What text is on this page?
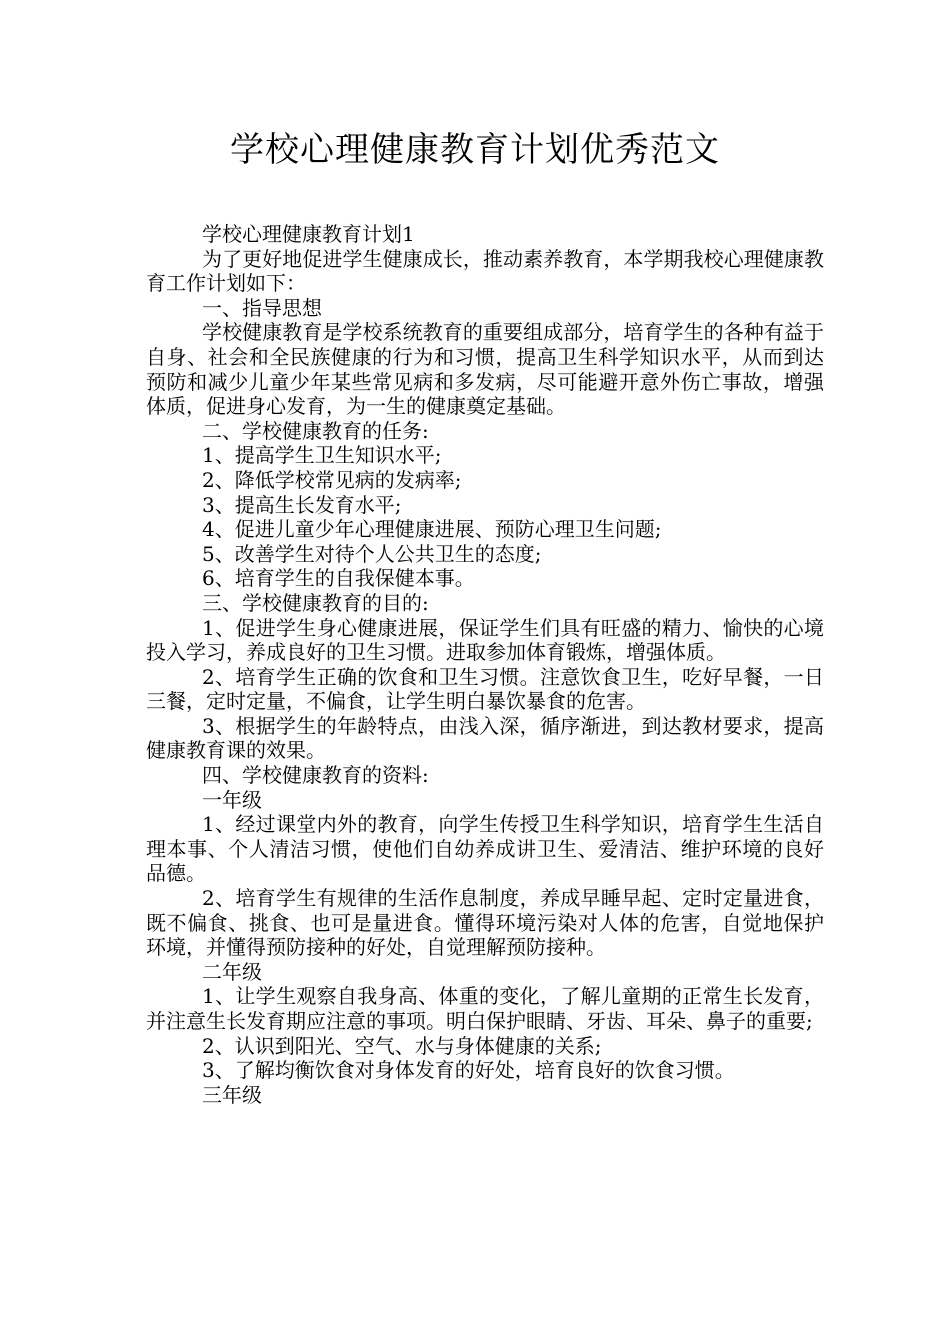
学校心理健康教育计划优秀范文

学校心理健康教育计划1

为了更好地促进学生健康成长，推动素养教育，本学期我校心理健康教育工作计划如下：

一、指导思想

学校健康教育是学校系统教育的重要组成部分，培育学生的各种有益于自身、社会和全民族健康的行为和习惯，提高卫生科学知识水平，从而到达预防和减少儿童少年某些常见病和多发病，尽可能避开意外伤亡事故，增强体质，促进身心发育，为一生的健康奠定基础。

二、学校健康教育的任务:

1、提高学生卫生知识水平;

2、降低学校常见病的发病率;

3、提高生长发育水平;

4、促进儿童少年心理健康进展、预防心理卫生问题;

5、改善学生对待个人公共卫生的态度;

6、培育学生的自我保健本事。

三、学校健康教育的目的:

1、促进学生身心健康进展，保证学生们具有旺盛的精力、愉快的心境投入学习，养成良好的卫生习惯。进取参加体育锻炼，增强体质。

2、培育学生正确的饮食和卫生习惯。注意饮食卫生，吃好早餐，一日三餐，定时定量，不偏食，让学生明白暴饮暴食的危害。

3、根据学生的年龄特点，由浅入深，循序渐进，到达教材要求，提高健康教育课的效果。

四、学校健康教育的资料:

一年级

1、经过课堂内外的教育，向学生传授卫生科学知识，培育学生生活自理本事、个人清洁习惯，使他们自幼养成讲卫生、爱清洁、维护环境的良好品德。

2、培育学生有规律的生活作息制度，养成早睡早起、定时定量进食，既不偏食、挑食、也可是量进食。懂得环境污染对人体的危害，自觉地保护环境，并懂得预防接种的好处，自觉理解预防接种。

二年级

1、让学生观察自我身高、体重的变化，了解儿童期的正常生长发育，并注意生长发育期应注意的事项。明白保护眼睛、牙齿、耳朵、鼻子的重要;

2、认识到阳光、空气、水与身体健康的关系;

3、了解均衡饮食对身体发育的好处，培育良好的饮食习惯。

三年级
